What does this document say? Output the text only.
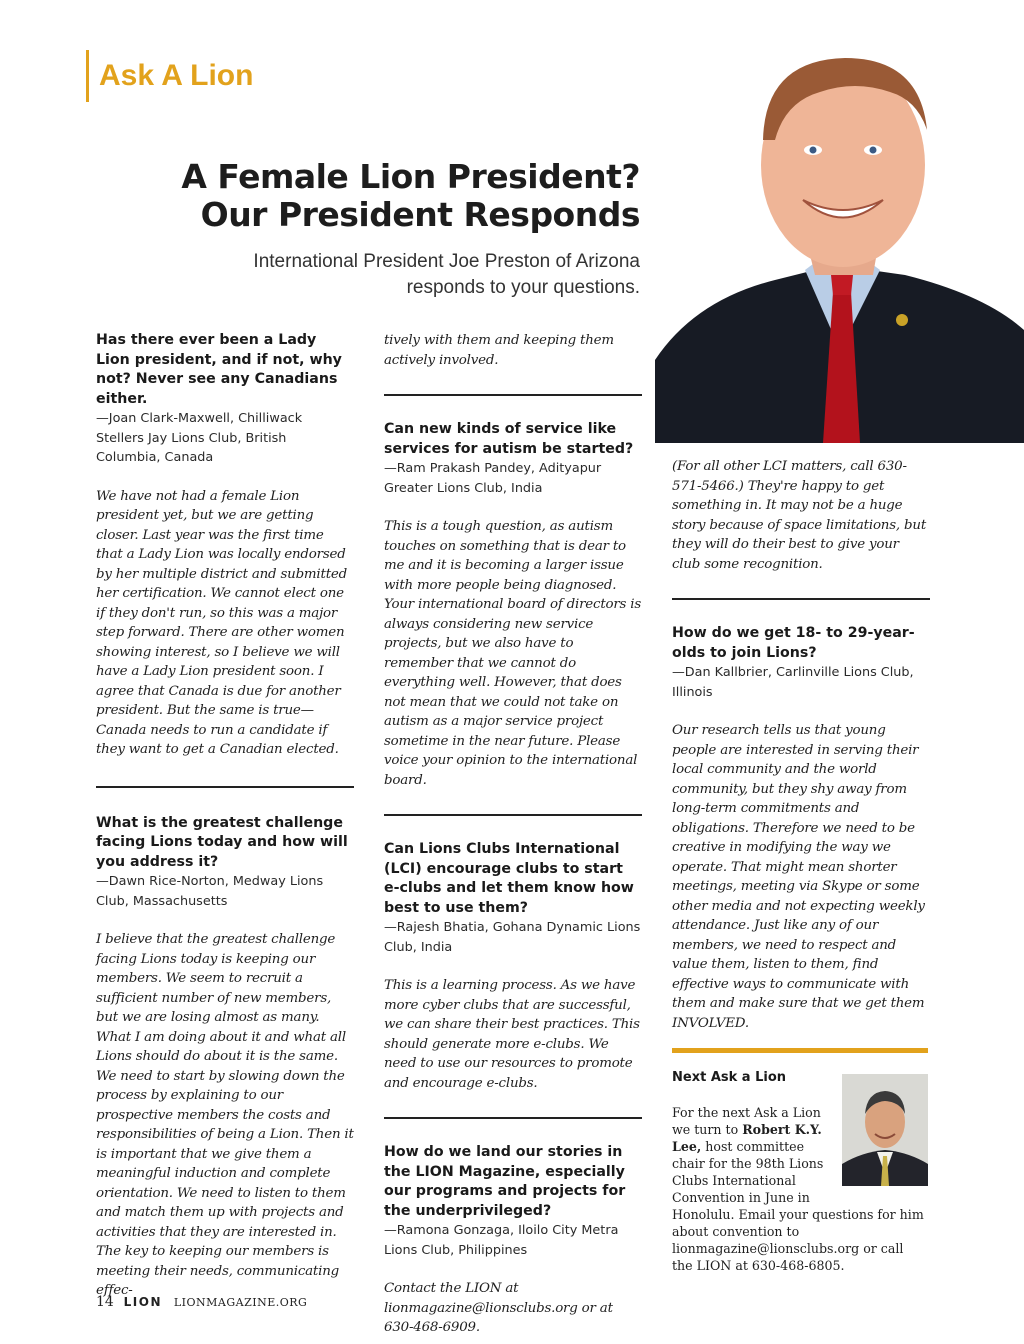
Ask A Lion
A Female Lion President?
Our President Responds

International President Joe Preston of Arizona responds to your questions.

Has there ever been a Lady Lion president, and if not, why not? Never see any Canadians either.

—Joan Clark-Maxwell, Chilliwack Stellers Jay Lions Club, British Columbia, Canada

We have not had a female Lion president yet, but we are getting closer. Last year was the first time that a Lady Lion was locally endorsed by her multiple district and submitted her certification. We cannot elect one if they don't run, so this was a major step forward. There are other women showing interest, so I believe we will have a Lady Lion president soon. I agree that Canada is due for another president. But the same is true—Canada needs to run a candidate if they want to get a Canadian elected.

What is the greatest challenge facing Lions today and how will you address it?

—Dawn Rice-Norton, Medway Lions Club, Massachusetts

I believe that the greatest challenge facing Lions today is keeping our members. We seem to recruit a sufficient number of new members, but we are losing almost as many. What I am doing about it and what all Lions should do about it is the same. We need to start by slowing down the process by explaining to our prospective members the costs and responsibilities of being a Lion. Then it is important that we give them a meaningful induction and complete orientation. We need to listen to them and match them up with projects and activities that they are interested in. The key to keeping our members is meeting their needs, communicating effec-

tively with them and keeping them actively involved.

Can new kinds of service like services for autism be started?

—Ram Prakash Pandey, Adityapur Greater Lions Club, India

This is a tough question, as autism touches on something that is dear to me and it is becoming a larger issue with more people being diagnosed. Your international board of directors is always considering new service projects, but we also have to remember that we cannot do everything well. However, that does not mean that we could not take on autism as a major service project sometime in the near future. Please voice your opinion to the international board.

Can Lions Clubs International (LCI) encourage clubs to start e-clubs and let them know how best to use them?

—Rajesh Bhatia, Gohana Dynamic Lions Club, India

This is a learning process. As we have more cyber clubs that are successful, we can share their best practices. This should generate more e-clubs. We need to use our resources to promote and encourage e-clubs.

How do we land our stories in the LION Magazine, especially our programs and projects for the underprivileged?

—Ramona Gonzaga, Iloilo City Metra Lions Club, Philippines

Contact the LION at lionmagazine@lionsclubs.org or at 630-468-6909.

(For all other LCI matters, call 630-571-5466.) They're happy to get something in. It may not be a huge story because of space limitations, but they will do their best to give your club some recognition.

How do we get 18- to 29-year-olds to join Lions?

—Dan Kallbrier, Carlinville Lions Club, Illinois

Our research tells us that young people are interested in serving their local community and the world community, but they shy away from long-term commitments and obligations. Therefore we need to be creative in modifying the way we operate. That might mean shorter meetings, meeting via Skype or some other media and not expecting weekly attendance. Just like any of our members, we need to respect and value them, listen to them, find effective ways to communicate with them and make sure that we get them INVOLVED.

Next Ask a Lion
For the next Ask a Lion we turn to Robert K.Y. Lee, host committee chair for the 98th Lions Clubs International Convention in June in Honolulu. Email your questions for him about convention to lionmagazine@lionsclubs.org or call the LION at 630-468-6805.
14 LION LIONMAGAZINE.ORG
